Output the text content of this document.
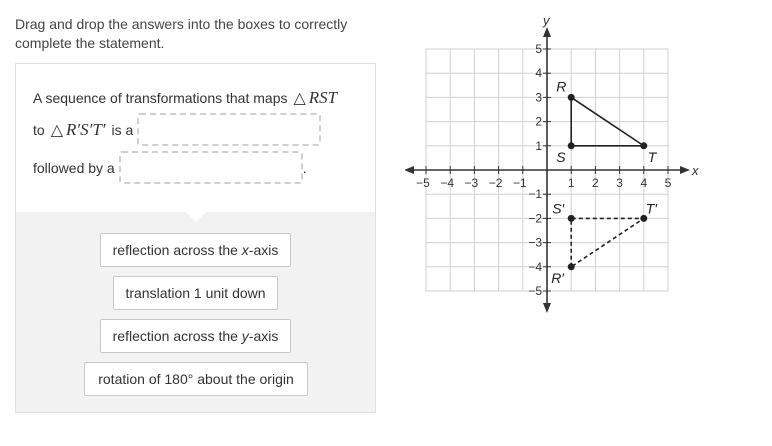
Drag and drop the answers into the boxes to correctly complete the statement.
A sequence of transformations that maps △ RST
to △ R′S′T′ is a
followed by a	.
reflection across the x-axis
translation 1 unit down
reflection across the y-axis
rotation of 180° about the origin
x
y
−5 −4 −3 −2 −1	1 2 3 4 5
5
4
3
2
1
−1
−2
−3
−4
−5
R
S	T
R′
S′	T′
